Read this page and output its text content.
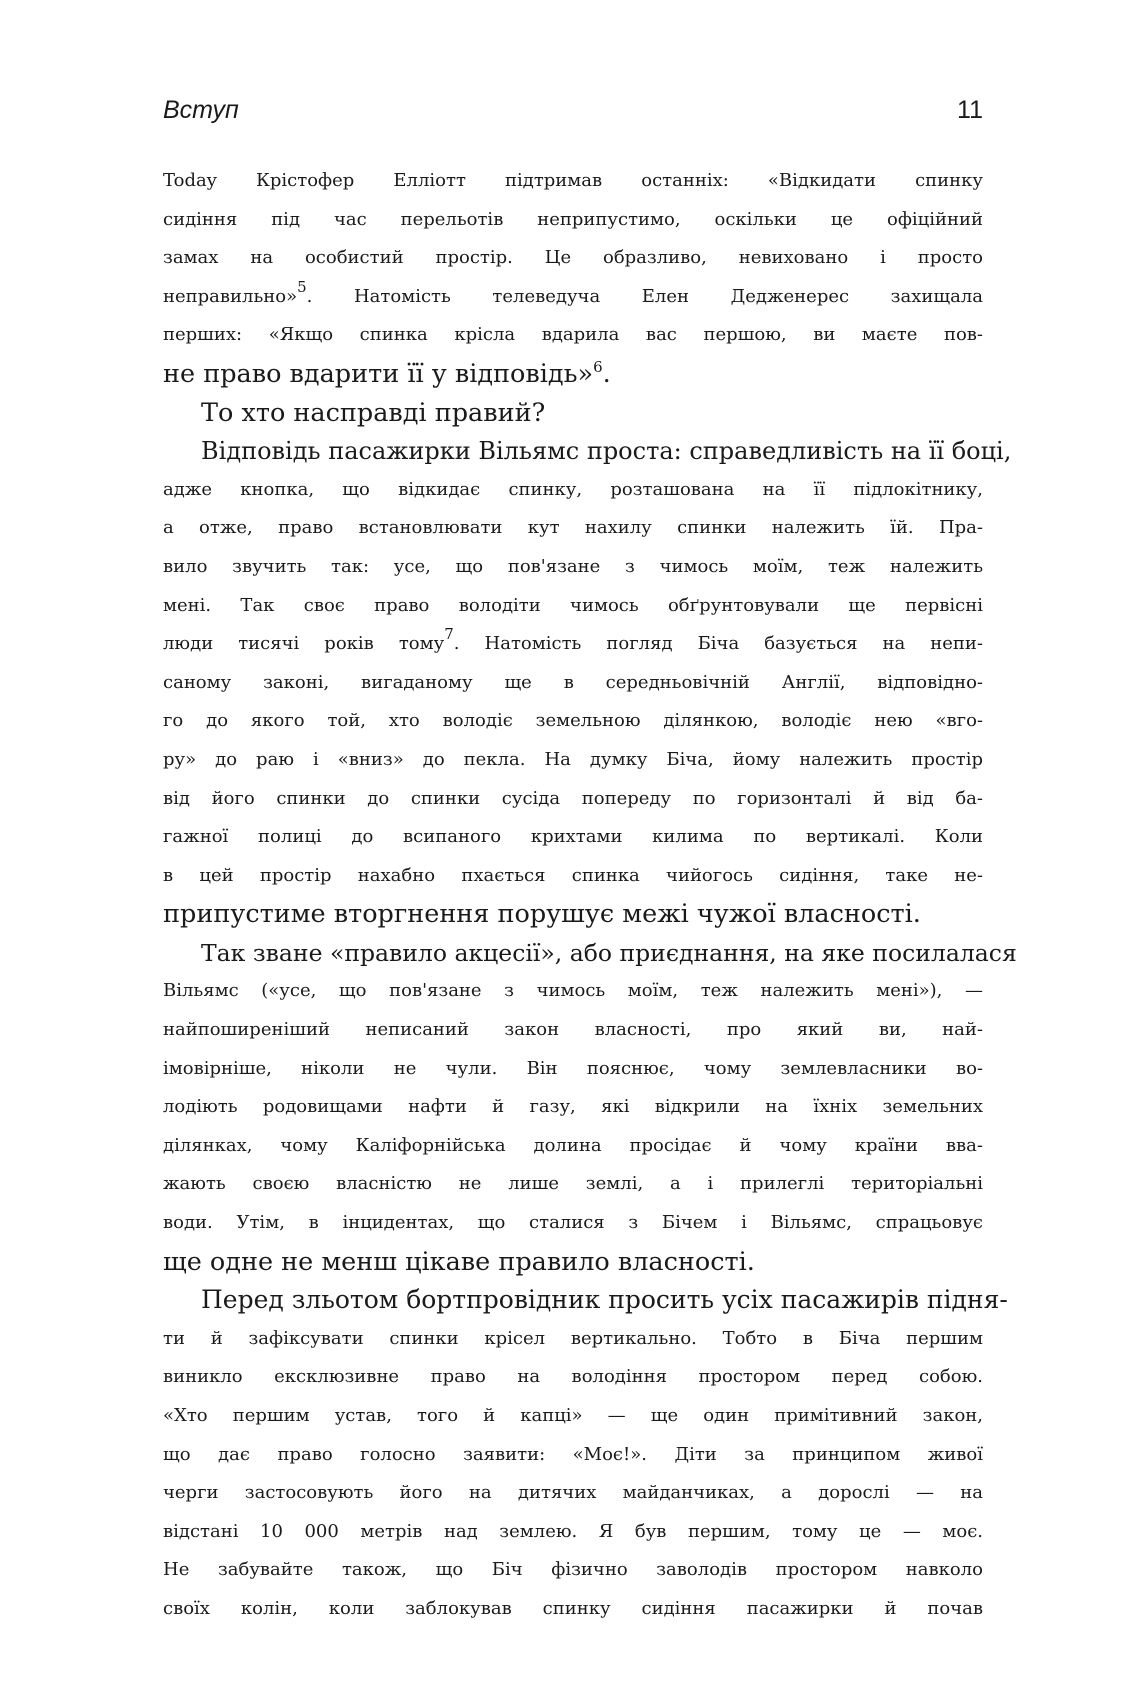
Вступ	11
Today Крістофер Еллiотт підтримав останніх: «Відкидати спинку
сидіння під час перельотів неприпустимо, оскільки це офіційний
замах на особистий простір. Це образливо, невиховано і просто
неправильно»$^5$. Натомість телеведуча Елен Дедженерес захищала
перших: «Якщо спинка крісла вдарила вас першою, ви маєте пов-
не право вдарити її у відповідь»$^6$.
То хто насправді правий?
Відповідь пасажирки Вільямс проста: справедливість на її боці,
адже кнопка, що відкидає спинку, розташована на її підлокітнику,
а отже, право встановлювати кут нахилу спинки належить їй. Пра-
вило звучить так: усе, що пов'язане з чимось моїм, теж належить
мені. Так своє право володіти чимось обґрунтовували ще первісні
люди тисячі років тому$^7$. Натомість погляд Біча базується на непи-
саному законі, вигаданому ще в середньовічній Англії, відповідно-
го до якого той, хто володіє земельною ділянкою, володіє нею «вго-
ру» до раю і «вниз» до пекла. На думку Біча, йому належить простір
від його спинки до спинки сусіда попереду по горизонталі й від ба-
гажної полиці до всипаного крихтами килима по вертикалі. Коли
в цей простір нахабно пхається спинка чийогось сидіння, таке не-
припустиме вторгнення порушує межі чужої власності.
Так зване «правило акцесії», або приєднання, на яке посилалася
Вільямс («усе, що пов'язане з чимось моїм, теж належить мені»), —
найпоширеніший неписаний закон власності, про який ви, най-
імовірніше, ніколи не чули. Він пояснює, чому землевласники во-
лодіють родовищами нафти й газу, які відкрили на їхніх земельних
ділянках, чому Каліфорнійська долина просідає й чому країни вва-
жають своєю власністю не лише землі, а і прилеглі територіальні
води. Утім, в інцидентах, що сталися з Бічем і Вільямс, спрацьовує
ще одне не менш цікаве правило власності.
Перед зльотом бортпровідник просить усіх пасажирів підня-
ти й зафіксувати спинки крісел вертикально. Тобто в Біча першим
виникло ексклюзивне право на володіння простором перед собою.
«Хто першим устав, того й капці» — ще один примітивний закон,
що дає право голосно заявити: «Моє!». Діти за принципом живої
черги застосовують його на дитячих майданчиках, а дорослі — на
відстані 10 000 метрів над землею. Я був першим, тому це — моє.
Не забувайте також, що Біч фізично заволодів простором навколо
своїх колін, коли заблокував спинку сидіння пасажирки й почав
